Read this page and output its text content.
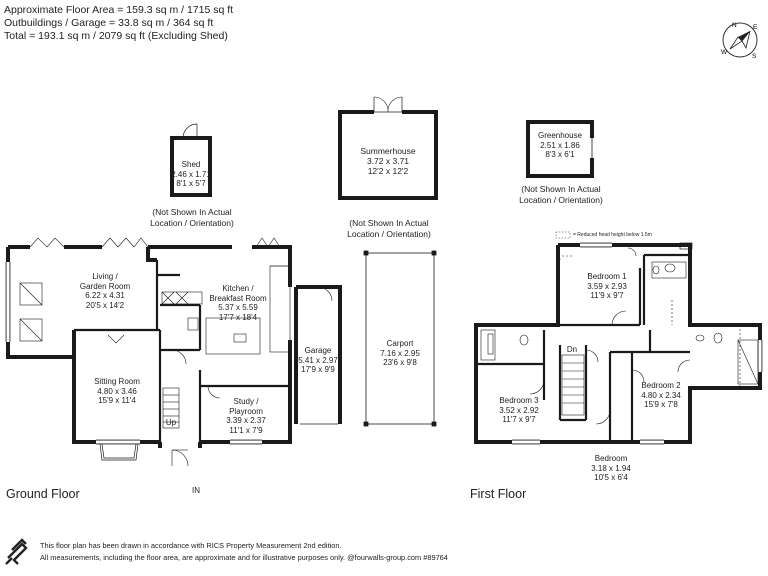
Approximate Floor Area = 159.3 sq m / 1715 sq ft
Outbuildings / Garage = 33.8 sq m / 364 sq ft
Total = 193.1 sq m / 2079 sq ft (Excluding Shed)
N	E
S
W
Shed
2.46 x 1.71
8'1 x 5'7
(Not Shown In Actual
Location / Orientation)
Summerhouse
3.72 x 3.71
12'2 x 12'2
(Not Shown In Actual
Location / Orientation)
Greenhouse
2.51 x 1.86
8'3 x 6'1
(Not Shown In Actual
Location / Orientation)
Living /
Garden Room
6.22 x 4.31
20'5 x 14'2
Kitchen /
Breakfast Room
5.37 x 5.59
17'7 x 18'4
Sitting Room
4.80 x 3.46
15'9 x 11'4	Study /
Playroom
3.39 x 2.37
11'1 x 7'9
Garage
5.41 x 2.97
17'9 x 9'9
Carport
7.16 x 2.95
23'6 x 9'8
Up
IN
Ground Floor
= Reduced head height below 1.5m
Bedroom 1
3.59 x 2.93
11'9 x 9'7
Bedroom 2
4.80 x 2.34
15'9 x 7'8
Bedroom 3
3.52 x 2.92
11'7 x 9'7
Bedroom
3.18 x 1.94
10'5 x 6'4
Dn
First Floor
This floor plan has been drawn in accordance with RICS Property Measurement 2nd edition.
All measurements, including the floor area, are approximate and for illustrative purposes only. @fourwalls-group.com #89764
